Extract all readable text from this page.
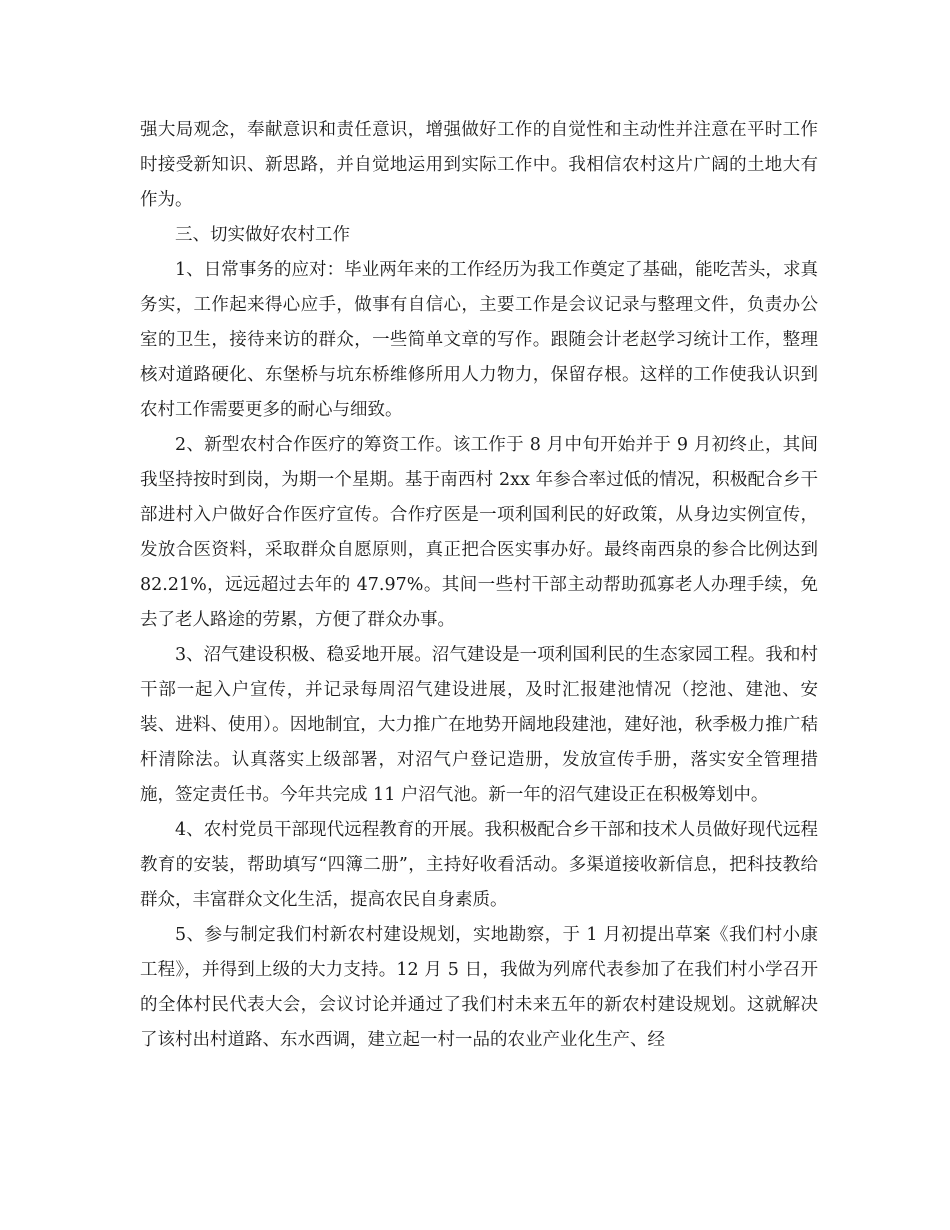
强大局观念，奉献意识和责任意识，增强做好工作的自觉性和主动性并注意在平时工作时接受新知识、新思路，并自觉地运用到实际工作中。我相信农村这片广阔的土地大有作为。

三、切实做好农村工作

1、日常事务的应对：毕业两年来的工作经历为我工作奠定了基础，能吃苦头，求真务实，工作起来得心应手，做事有自信心，主要工作是会议记录与整理文件，负责办公室的卫生，接待来访的群众，一些简单文章的写作。跟随会计老赵学习统计工作，整理核对道路硬化、东堡桥与坑东桥维修所用人力物力，保留存根。这样的工作使我认识到农村工作需要更多的耐心与细致。

2、新型农村合作医疗的筹资工作。该工作于 8 月中旬开始并于 9 月初终止，其间我坚持按时到岗，为期一个星期。基于南西村 2xx 年参合率过低的情况，积极配合乡干部进村入户做好合作医疗宣传。合作疗医是一项利国利民的好政策，从身边实例宣传，发放合医资料，采取群众自愿原则，真正把合医实事办好。最终南西泉的参合比例达到 82.21%，远远超过去年的 47.97%。其间一些村干部主动帮助孤寡老人办理手续，免去了老人路途的劳累，方便了群众办事。

3、沼气建设积极、稳妥地开展。沼气建设是一项利国利民的生态家园工程。我和村干部一起入户宣传，并记录每周沼气建设进展，及时汇报建池情况（挖池、建池、安装、进料、使用）。因地制宜，大力推广在地势开阔地段建池，建好池，秋季极力推广秸杆清除法。认真落实上级部署，对沼气户登记造册，发放宣传手册，落实安全管理措施，签定责任书。今年共完成 11 户沼气池。新一年的沼气建设正在积极筹划中。

4、农村党员干部现代远程教育的开展。我积极配合乡干部和技术人员做好现代远程教育的安装，帮助填写“四簿二册”，主持好收看活动。多渠道接收新信息，把科技教给群众，丰富群众文化生活，提高农民自身素质。

5、参与制定我们村新农村建设规划，实地勘察，于 1 月初提出草案《我们村小康工程》，并得到上级的大力支持。12 月 5 日，我做为列席代表参加了在我们村小学召开的全体村民代表大会，会议讨论并通过了我们村未来五年的新农村建设规划。这就解决了该村出村道路、东水西调，建立起一村一品的农业产业化生产、经
